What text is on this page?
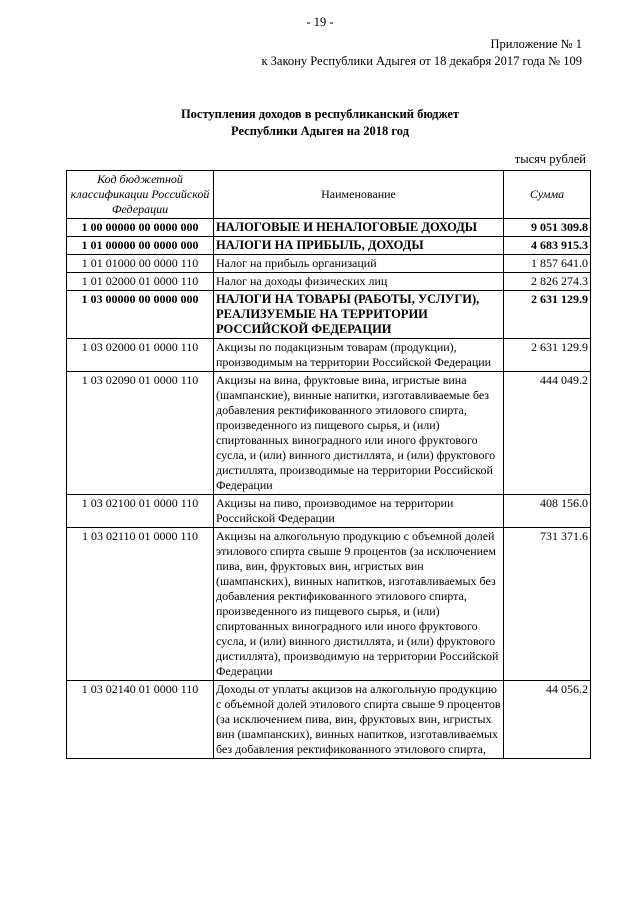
- 19 -
Приложение № 1
к Закону Республики Адыгея от 18 декабря 2017 года № 109
Поступления доходов в республиканский бюджет
Республики Адыгея на 2018 год
тысяч рублей
Код бюджетной классификации Российской Федерации	Наименование	Сумма
1 00 00000 00 0000 000	НАЛОГОВЫЕ И НЕНАЛОГОВЫЕ ДОХОДЫ	9 051 309.8
1 01 00000 00 0000 000	НАЛОГИ НА ПРИБЫЛЬ, ДОХОДЫ	4 683 915.3
1 01 01000 00 0000 110	Налог на прибыль организаций	1 857 641.0
1 01 02000 01 0000 110	Налог на доходы физических лиц	2 826 274.3
1 03 00000 00 0000 000	НАЛОГИ НА ТОВАРЫ (РАБОТЫ, УСЛУГИ), РЕАЛИЗУЕМЫЕ НА ТЕРРИТОРИИ РОССИЙСКОЙ ФЕДЕРАЦИИ	2 631 129.9
1 03 02000 01 0000 110	Акцизы по подакцизным товарам (продукции), производимым на территории Российской Федерации	2 631 129.9
1 03 02090 01 0000 110	Акцизы на вина, фруктовые вина, игристые вина (шампанские), винные напитки, изготавливаемые без добавления ректификованного этилового спирта, произведенного из пищевого сырья, и (или) спиртованных виноградного или иного фруктового сусла, и (или) винного дистиллята, и (или) фруктового дистиллята, производимые на территории Российской Федерации	444 049.2
1 03 02100 01 0000 110	Акцизы на пиво, производимое на территории Российской Федерации	408 156.0
1 03 02110 01 0000 110	Акцизы на алкогольную продукцию с объемной долей этилового спирта свыше 9 процентов (за исключением пива, вин, фруктовых вин, игристых вин (шампанских), винных напитков, изготавливаемых без добавления ректификованного этилового спирта, произведенного из пищевого сырья, и (или) спиртованных виноградного или иного фруктового сусла, и (или) винного дистиллята, и (или) фруктового дистиллята), производимую на территории Российской Федерации	731 371.6
1 03 02140 01 0000 110	Доходы от уплаты акцизов на алкогольную продукцию с объемной долей этилового спирта свыше 9 процентов (за исключением пива, вин, фруктовых вин, игристых вин (шампанских), винных напитков, изготавливаемых без добавления ректификованного этилового спирта,	44 056.2
